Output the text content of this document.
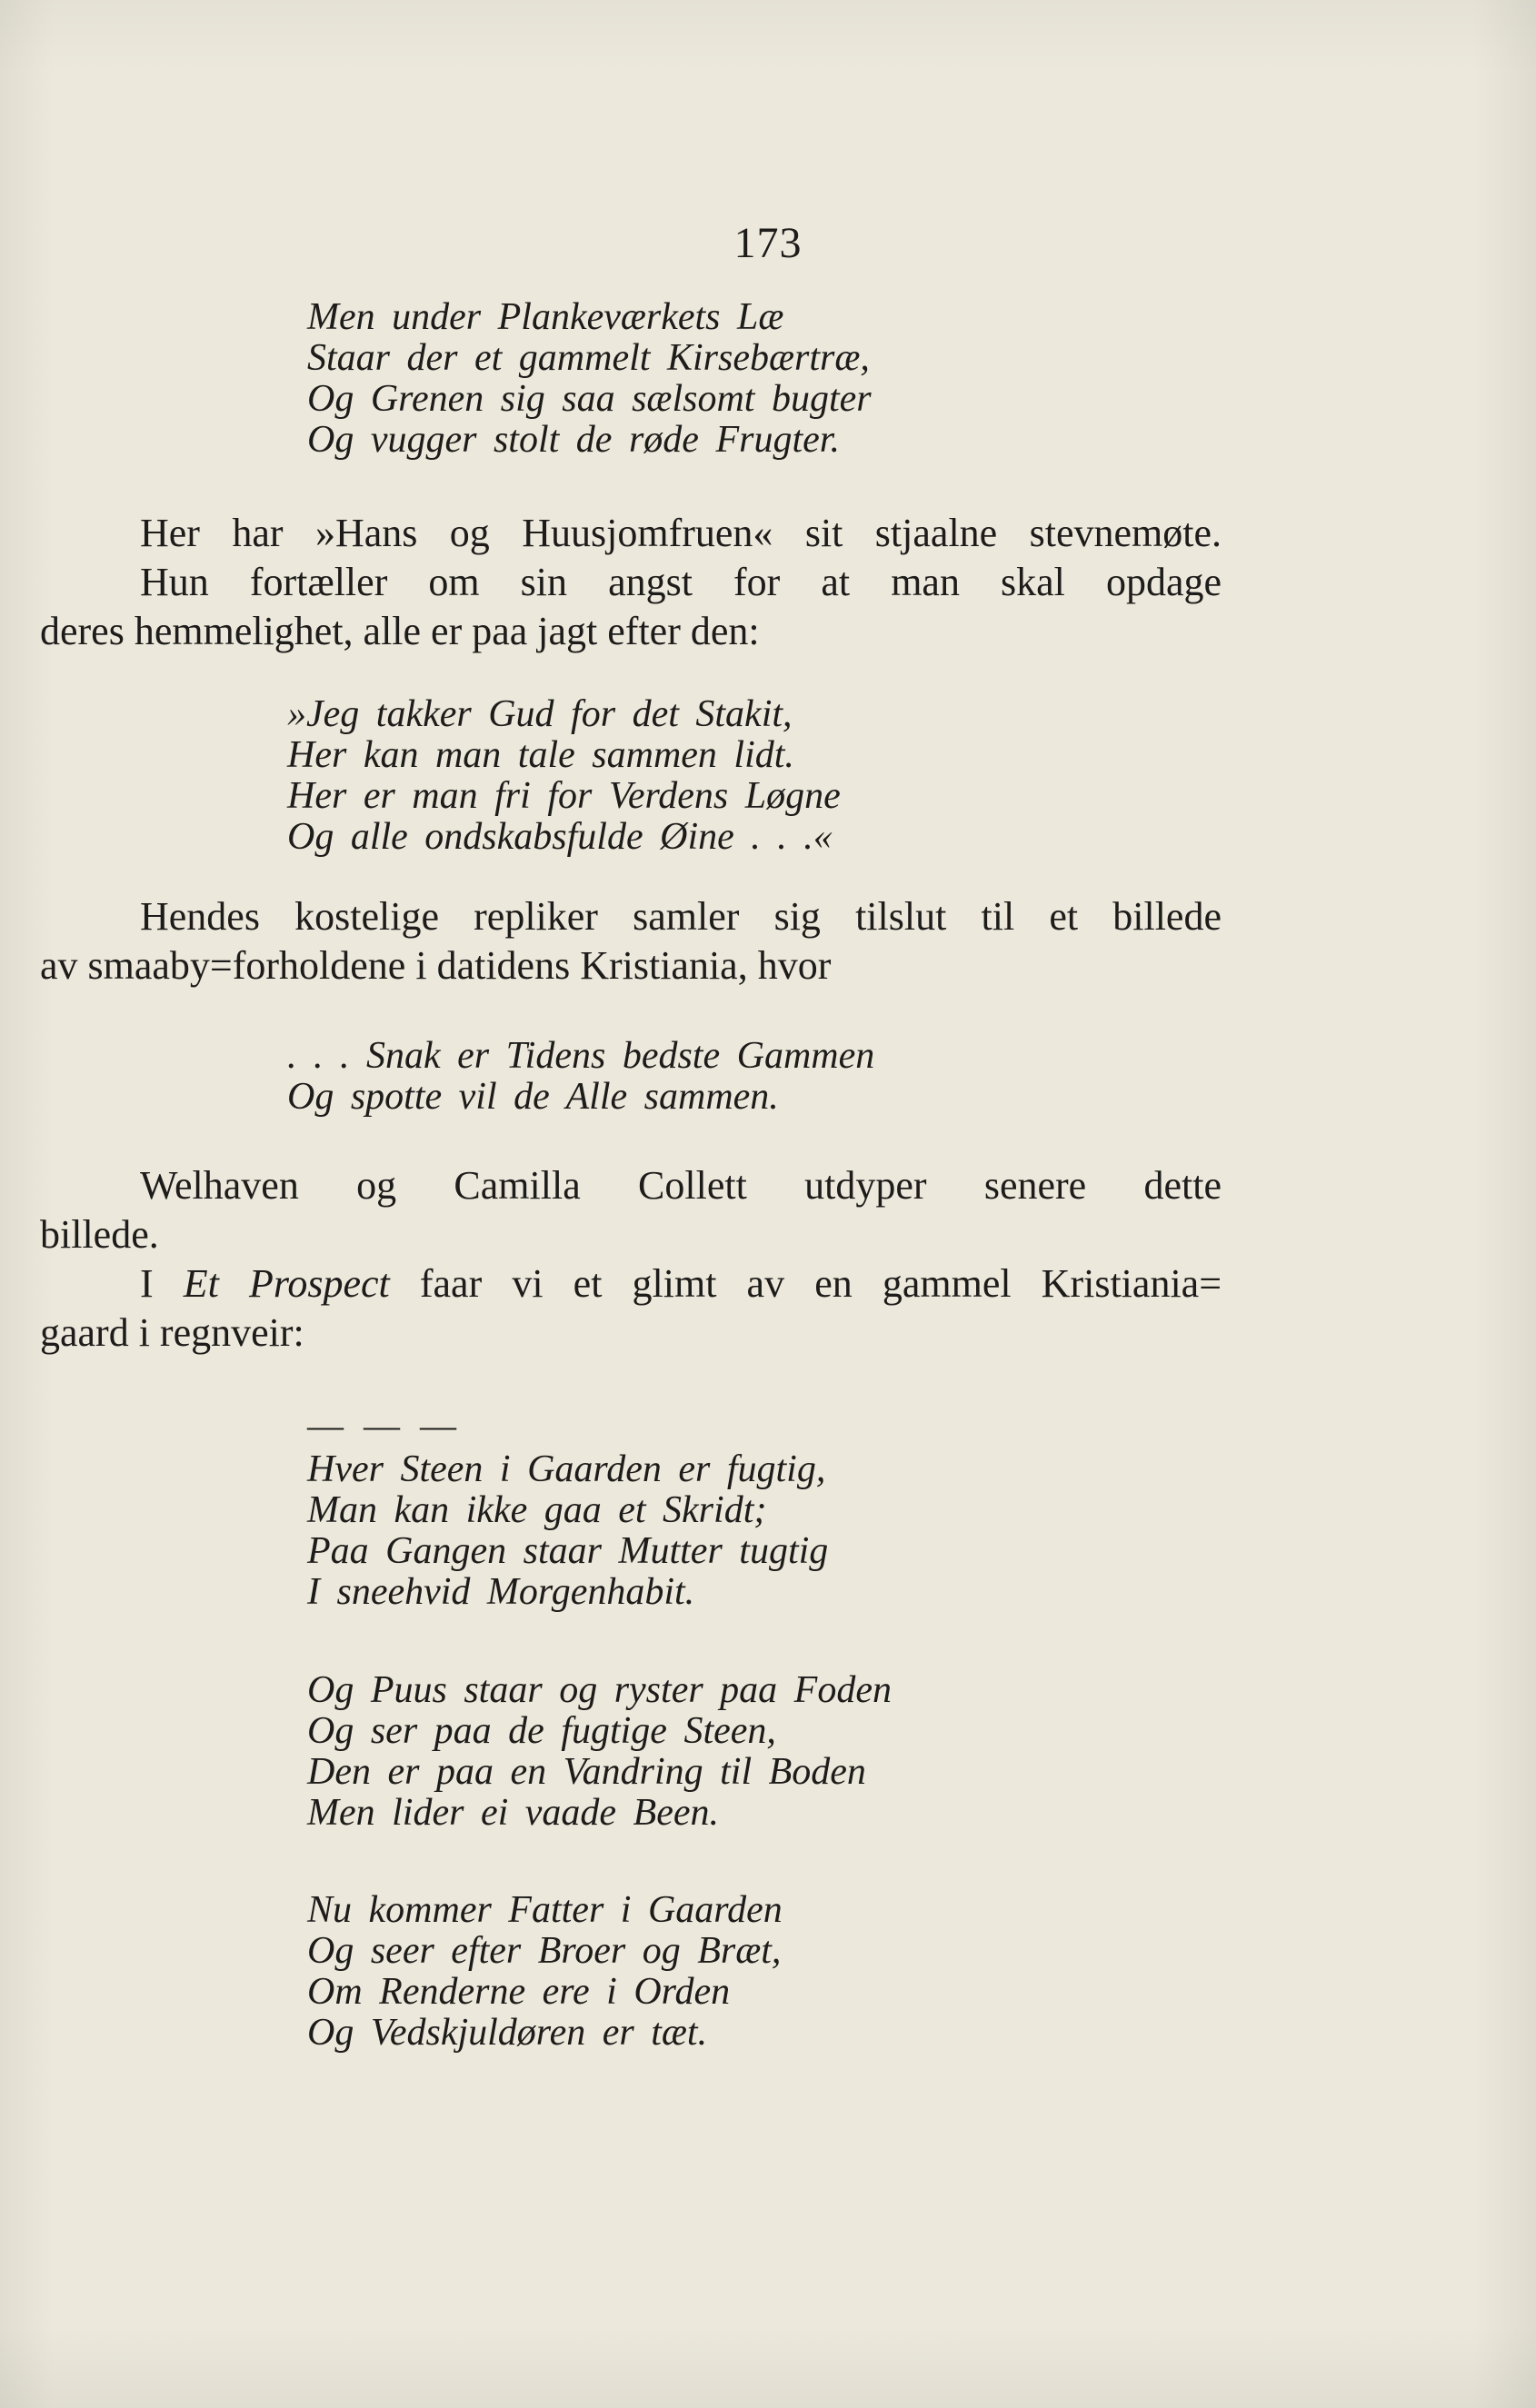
173
Men under Plankeværkets Læ
Staar der et gammelt Kirsebærtræ,
Og Grenen sig saa sælsomt bugter
Og vugger stolt de røde Frugter.

Her har »Hans og Huusjomfruen« sit stjaalne stevnemøte.

Hun fortæller om sin angst for at man skal opdage

deres hemmelighet, alle er paa jagt efter den:

»Jeg takker Gud for det Stakit,
Her kan man tale sammen lidt.
Her er man fri for Verdens Løgne
Og alle ondskabsfulde Øine . . .«

Hendes kostelige repliker samler sig tilslut til et billede

av smaaby=forholdene i datidens Kristiania, hvor

. . . Snak er Tidens bedste Gammen
Og spotte vil de Alle sammen.

Welhaven og Camilla Collett utdyper senere dette

billede.

I Et Prospect faar vi et glimt av en gammel Kristiania=

gaard i regnveir:

— — —
Hver Steen i Gaarden er fugtig,
Man kan ikke gaa et Skridt;
Paa Gangen staar Mutter tugtig
I sneehvid Morgenhabit.
Og Puus staar og ryster paa Foden
Og ser paa de fugtige Steen,
Den er paa en Vandring til Boden
Men lider ei vaade Been.
Nu kommer Fatter i Gaarden
Og seer efter Broer og Bræt,
Om Renderne ere i Orden
Og Vedskjuldøren er tæt.
